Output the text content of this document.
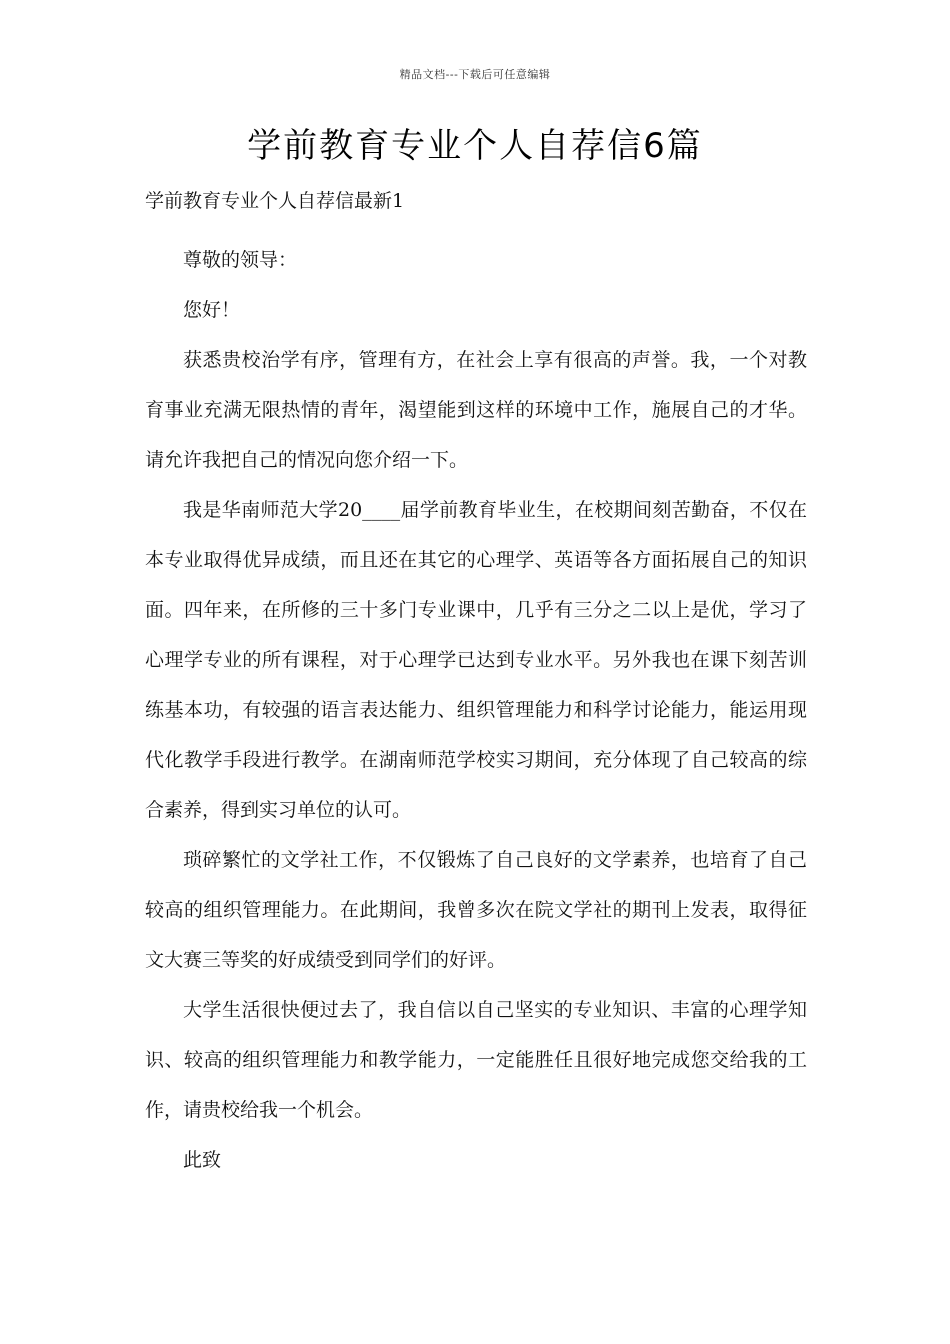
精品文档---下载后可任意编辑
学前教育专业个人自荐信6篇
学前教育专业个人自荐信最新1

尊敬的领导：

您好！

获悉贵校治学有序，管理有方，在社会上享有很高的声誉。我，一个对教育事业充满无限热情的青年，渴望能到这样的环境中工作，施展自己的才华。请允许我把自己的情况向您介绍一下。

我是华南师范大学20____届学前教育毕业生，在校期间刻苦勤奋，不仅在本专业取得优异成绩，而且还在其它的心理学、英语等各方面拓展自己的知识面。四年来，在所修的三十多门专业课中，几乎有三分之二以上是优，学习了心理学专业的所有课程，对于心理学已达到专业水平。另外我也在课下刻苦训练基本功，有较强的语言表达能力、组织管理能力和科学讨论能力，能运用现代化教学手段进行教学。在湖南师范学校实习期间，充分体现了自己较高的综合素养，得到实习单位的认可。

琐碎繁忙的文学社工作，不仅锻炼了自己良好的文学素养，也培育了自己较高的组织管理能力。在此期间，我曾多次在院文学社的期刊上发表，取得征文大赛三等奖的好成绩受到同学们的好评。

大学生活很快便过去了，我自信以自己坚实的专业知识、丰富的心理学知识、较高的组织管理能力和教学能力，一定能胜任且很好地完成您交给我的工作，请贵校给我一个机会。

此致
